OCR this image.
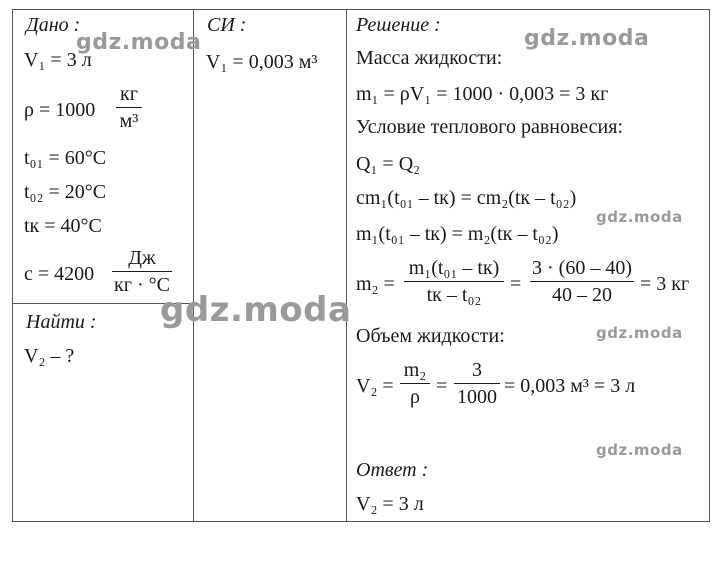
Дано :
V₁ = 3 л
ρ = 1000
кг
м³
t₀₁ = 60°C
t₀₂ = 20°C
tк = 40°C
c = 4200
Дж
кг · °C
Найти :
V₂ – ?
СИ :
V₁ = 0,003 м³
Решение :
Масса жидкости:
m₁ = ρV₁ = 1000 · 0,003 = 3 кг
Условие теплового равновесия:
Q₁ = Q₂
cm₁(t₀₁ – tк) = cm₂(tк – t₀₂)
m₁(t₀₁ – tк) = m₂(tк – t₀₂)
m₂ =
m₁(t₀₁ – tк)
tк – t₀₂	=
3 · (60 – 40)
40 – 20	= 3 кг
Объем жидкости:
V₂ =
m₂
ρ =
3
1000 = 0,003 м³ = 3 л
Ответ :
V₂ = 3 л
gdz.moda	gdz.moda
gdz.moda
gdz.moda
gdz.moda
gdz.moda
